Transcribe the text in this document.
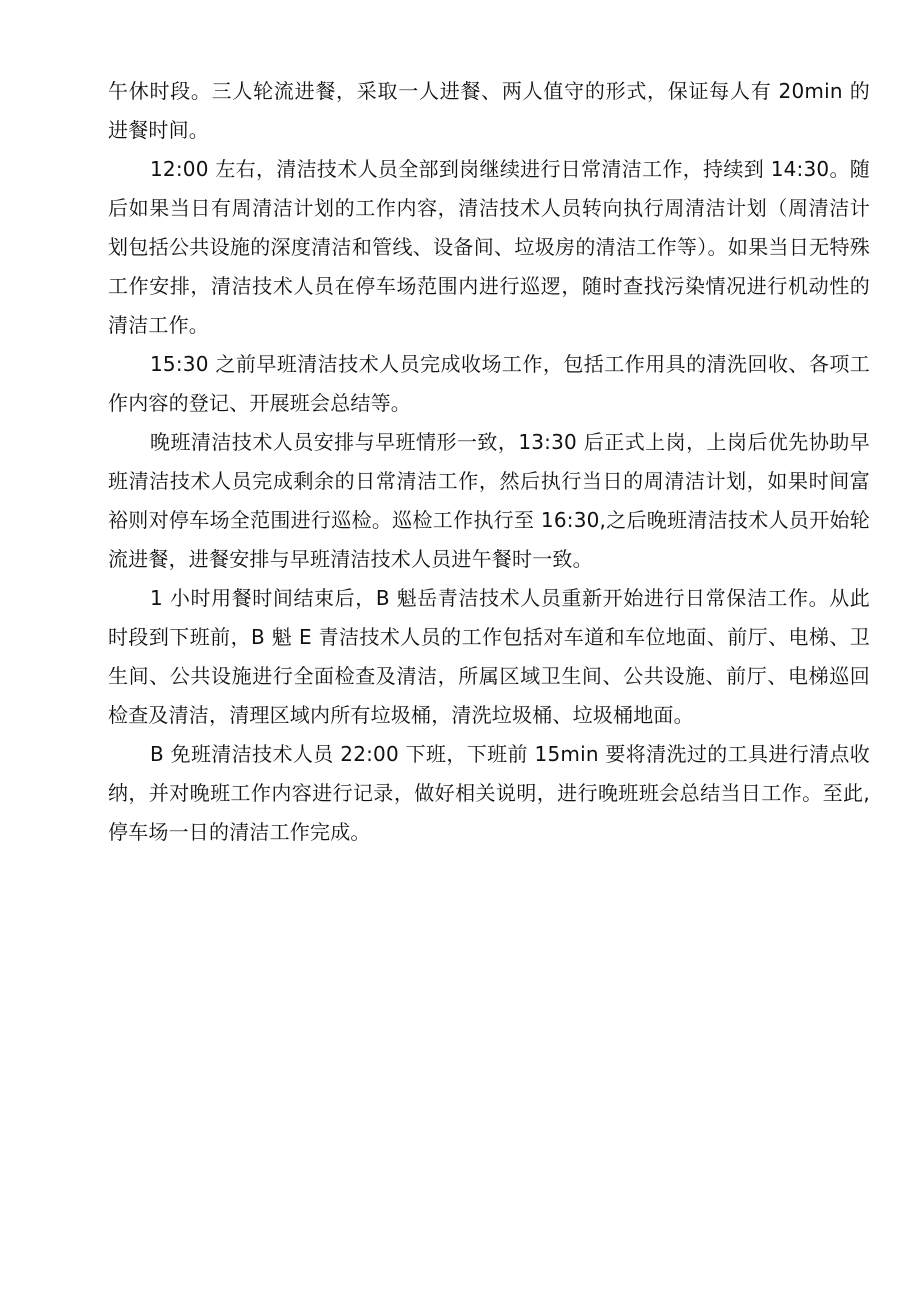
午休时段。三人轮流进餐，采取一人进餐、两人值守的形式，保证每人有 20min 的进餐时间。

12:00 左右，清洁技术人员全部到岗继续进行日常清洁工作，持续到 14:30。随后如果当日有周清洁计划的工作内容，清洁技术人员转向执行周清洁计划（周清洁计划包括公共设施的深度清洁和管线、设备间、垃圾房的清洁工作等）。如果当日无特殊工作安排，清洁技术人员在停车场范围内进行巡逻，随时查找污染情况进行机动性的清洁工作。

15:30 之前早班清洁技术人员完成收场工作，包括工作用具的清洗回收、各项工作内容的登记、开展班会总结等。

晚班清洁技术人员安排与早班情形一致，13:30 后正式上岗，上岗后优先协助早班清洁技术人员完成剩余的日常清洁工作，然后执行当日的周清洁计划，如果时间富裕则对停车场全范围进行巡检。巡检工作执行至 16:30,之后晚班清洁技术人员开始轮流进餐，进餐安排与早班清洁技术人员进午餐时一致。

1 小时用餐时间结束后，B 魁岳青洁技术人员重新开始进行日常保洁工作。从此时段到下班前，B 魁 E 青洁技术人员的工作包括对车道和车位地面、前厅、电梯、卫生间、公共设施进行全面检查及清洁，所属区域卫生间、公共设施、前厅、电梯巡回检查及清洁，清理区域内所有垃圾桶，清洗垃圾桶、垃圾桶地面。

B 免班清洁技术人员 22:00 下班，下班前 15min 要将清洗过的工具进行清点收纳，并对晚班工作内容进行记录，做好相关说明，进行晚班班会总结当日工作。至此,停车场一日的清洁工作完成。
